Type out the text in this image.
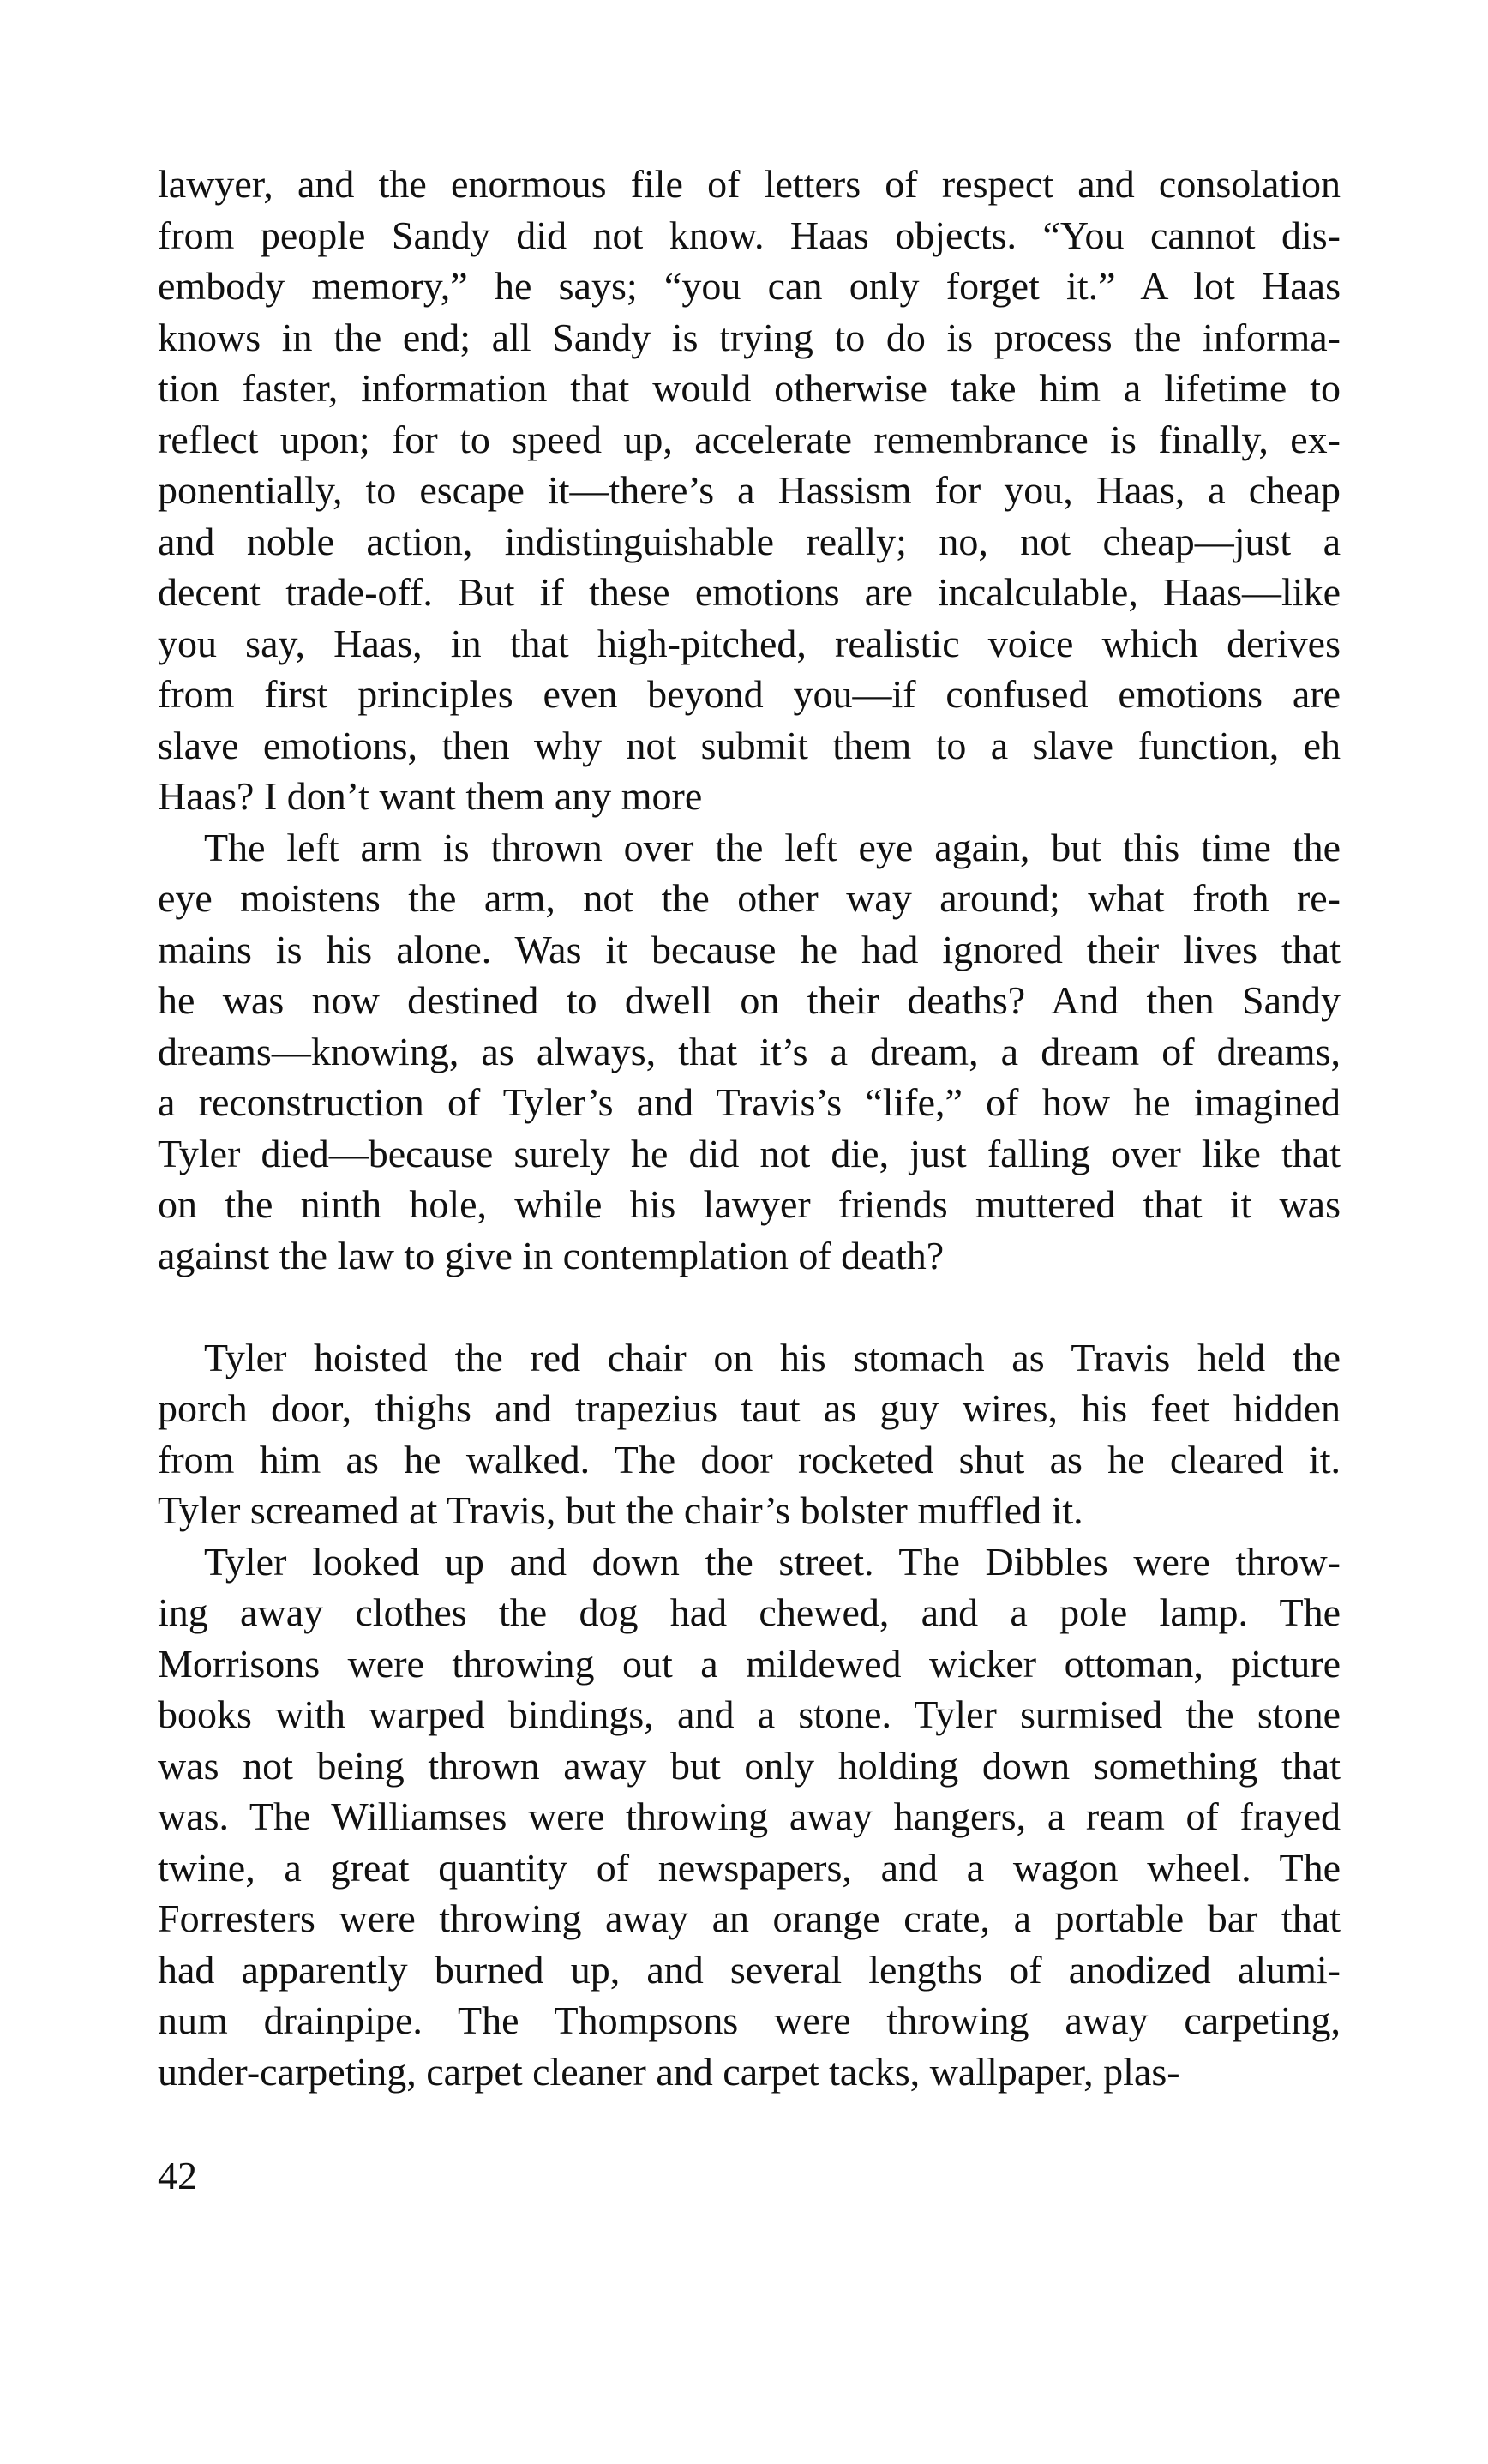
lawyer, and the enormous file of letters of respect and consolation
from people Sandy did not know. Haas objects. “You cannot dis-
embody memory,” he says; “you can only forget it.” A lot Haas
knows in the end; all Sandy is trying to do is process the informa-
tion faster, information that would otherwise take him a lifetime to
reflect upon; for to speed up, accelerate remembrance is finally, ex-
ponentially, to escape it—there’s a Hassism for you, Haas, a cheap
and noble action, indistinguishable really; no, not cheap—just a
decent trade-off. But if these emotions are incalculable, Haas—like
you say, Haas, in that high-pitched, realistic voice which derives
from first principles even beyond you—if confused emotions are
slave emotions, then why not submit them to a slave function, eh
Haas? I don’t want them any more
The left arm is thrown over the left eye again, but this time the
eye moistens the arm, not the other way around; what froth re-
mains is his alone. Was it because he had ignored their lives that
he was now destined to dwell on their deaths? And then Sandy
dreams—knowing, as always, that it’s a dream, a dream of dreams,
a reconstruction of Tyler’s and Travis’s “life,” of how he imagined
Tyler died—because surely he did not die, just falling over like that
on the ninth hole, while his lawyer friends muttered that it was
against the law to give in contemplation of death?
Tyler hoisted the red chair on his stomach as Travis held the
porch door, thighs and trapezius taut as guy wires, his feet hidden
from him as he walked. The door rocketed shut as he cleared it.
Tyler screamed at Travis, but the chair’s bolster muffled it.
Tyler looked up and down the street. The Dibbles were throw-
ing away clothes the dog had chewed, and a pole lamp. The
Morrisons were throwing out a mildewed wicker ottoman, picture
books with warped bindings, and a stone. Tyler surmised the stone
was not being thrown away but only holding down something that
was. The Williamses were throwing away hangers, a ream of frayed
twine, a great quantity of newspapers, and a wagon wheel. The
Forresters were throwing away an orange crate, a portable bar that
had apparently burned up, and several lengths of anodized alumi-
num drainpipe. The Thompsons were throwing away carpeting,
under-carpeting, carpet cleaner and carpet tacks, wallpaper, plas-
42
